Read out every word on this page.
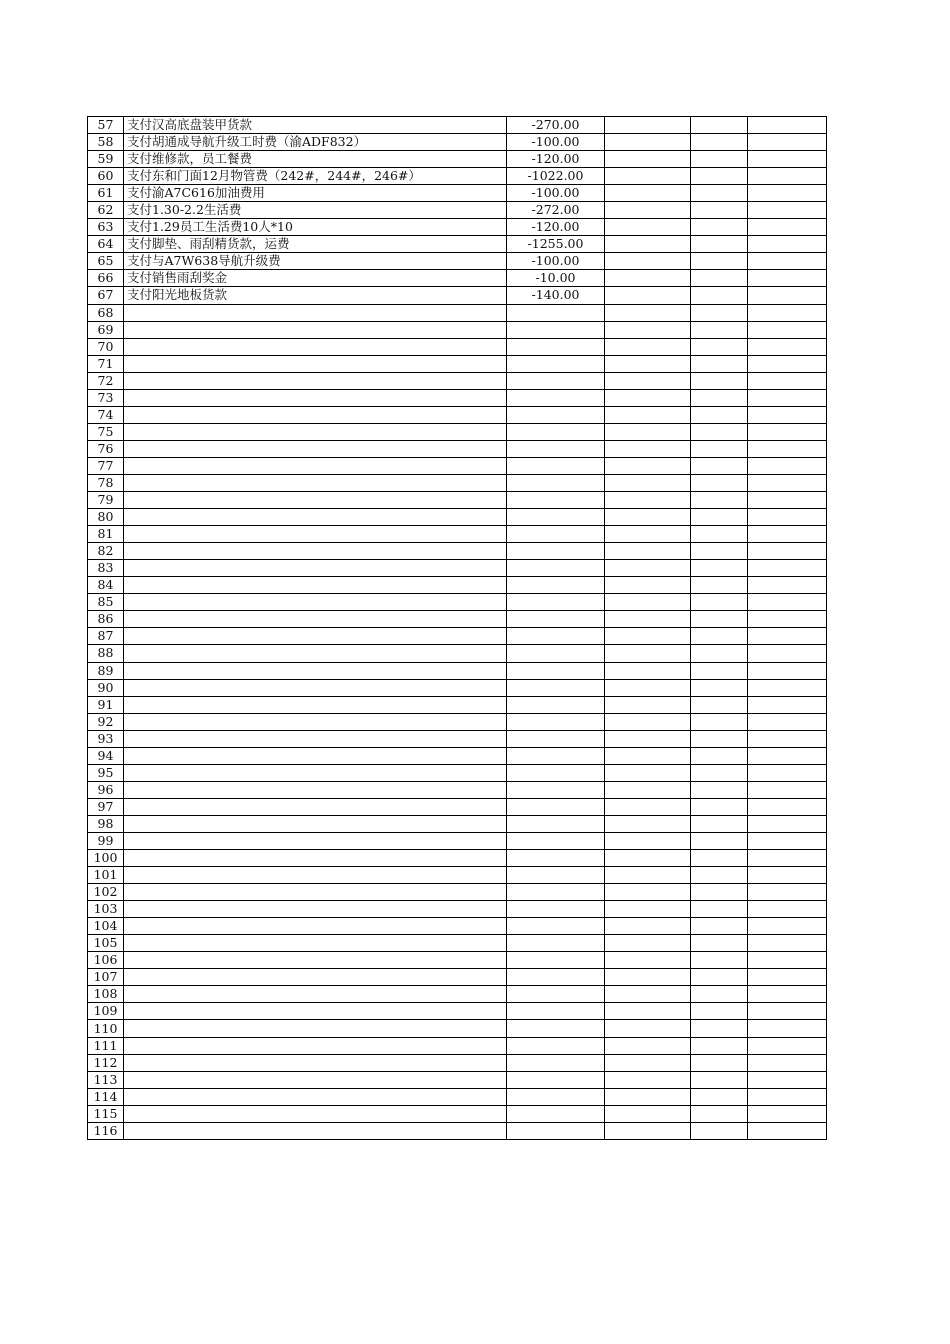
57	支付汉高底盘装甲货款	-270.00			
58	支付胡通成导航升级工时费（渝ADF832）	-100.00			
59	支付维修款，员工餐费	-120.00			
60	支付东和门面12月物管费（242#，244#，246#）	-1022.00			
61	支付渝A7C616加油费用	-100.00			
62	支付1.30-2.2生活费	-272.00			
63	支付1.29员工生活费10人*10	-120.00			
64	支付脚垫、雨刮精货款，运费	-1255.00			
65	支付与A7W638导航升级费	-100.00			
66	支付销售雨刮奖金	-10.00			
67	支付阳光地板货款	-140.00			
68					
69					
70					
71					
72					
73					
74					
75					
76					
77					
78					
79					
80					
81					
82					
83					
84					
85					
86					
87					
88					
89					
90					
91					
92					
93					
94					
95					
96					
97					
98					
99					
100					
101					
102					
103					
104					
105					
106					
107					
108					
109					
110					
111					
112					
113					
114					
115					
116					
